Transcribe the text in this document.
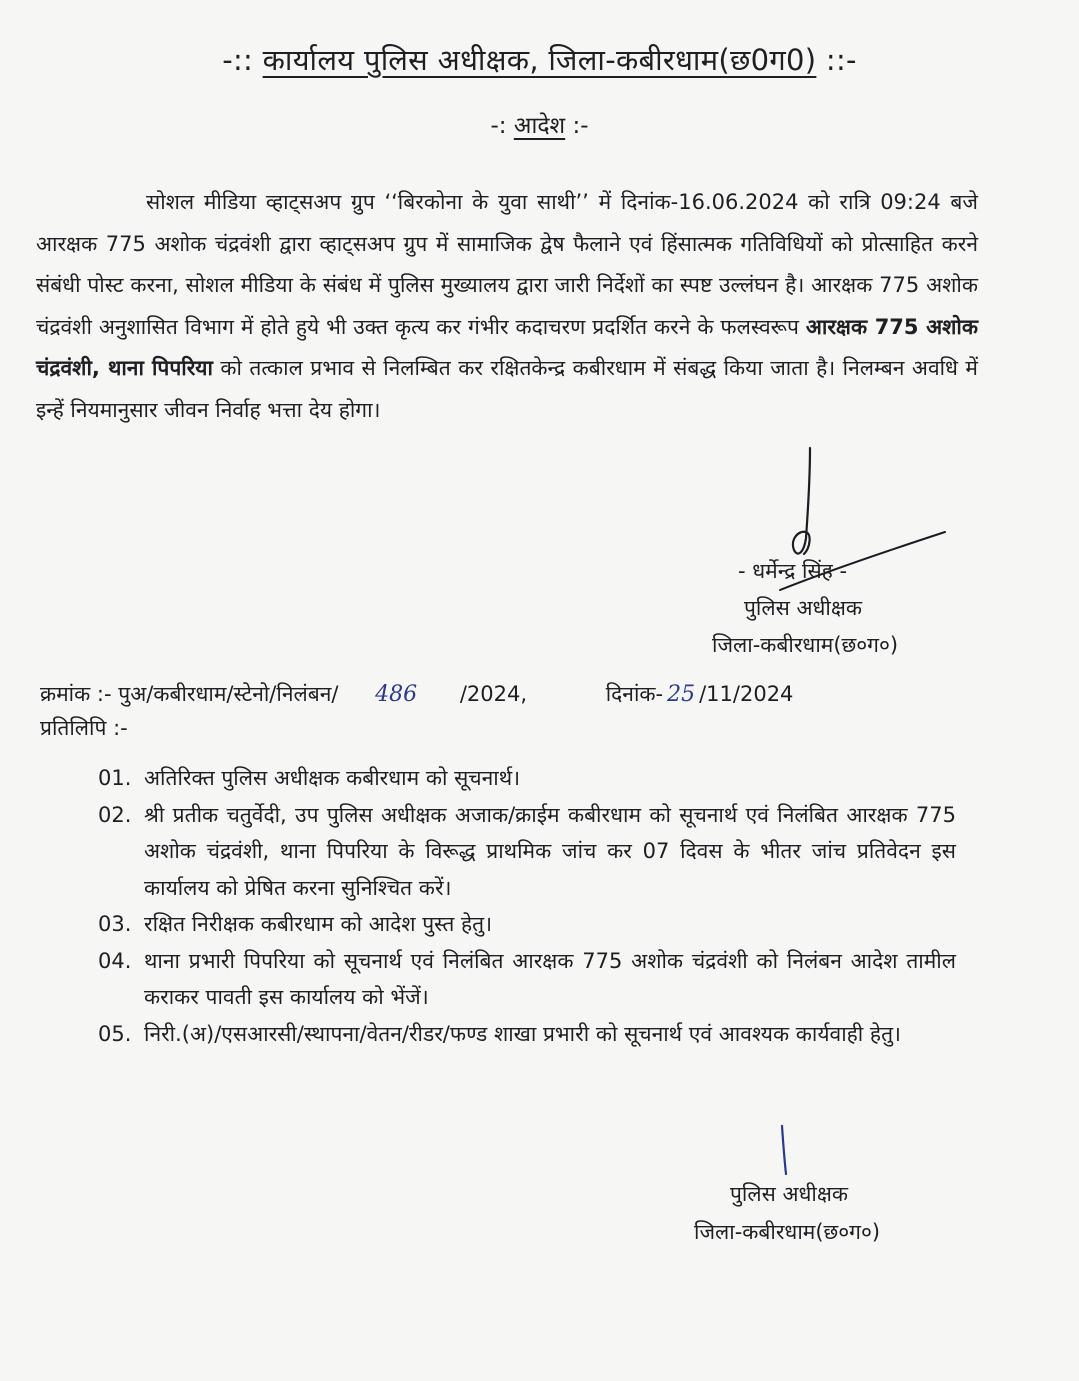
-:: कार्यालय पुलिस अधीक्षक, जिला-कबीरधाम(छ0ग0) ::-
-: आदेश :-
सोशल मीडिया व्हाट्सअप ग्रुप ‘‘बिरकोना के युवा साथी’’ में दिनांक-16.06.2024 को रात्रि 09:24 बजे आरक्षक 775 अशोक चंद्रवंशी द्वारा व्हाट्सअप ग्रुप में सामाजिक द्वेष फैलाने एवं हिंसात्मक गतिविधियों को प्रोत्साहित करने संबंधी पोस्ट करना, सोशल मीडिया के संबंध में पुलिस मुख्यालय द्वारा जारी निर्देशों का स्पष्ट उल्लंघन है। आरक्षक 775 अशोक चंद्रवंशी अनुशासित विभाग में होते हुये भी उक्त कृत्य कर गंभीर कदाचरण प्रदर्शित करने के फलस्वरूप आरक्षक 775 अशोक चंद्रवंशी, थाना पिपरिया को तत्काल प्रभाव से निलम्बित कर रक्षितकेन्द्र कबीरधाम में संबद्ध किया जाता है। निलम्बन अवधि में इन्हें नियमानुसार जीवन निर्वाह भत्ता देय होगा।
- धर्मेन्द्र सिंह -
पुलिस अधीक्षक
जिला-कबीरधाम(छ०ग०)
क्रमांक :- पुअ/कबीरधाम/स्टेनो/निलंबन/ 486 /2024,	दिनांक- 25 /11/2024
प्रतिलिपि :-
01. अतिरिक्त पुलिस अधीक्षक कबीरधाम को सूचनार्थ।
02. श्री प्रतीक चतुर्वेदी, उप पुलिस अधीक्षक अजाक/क्राईम कबीरधाम को सूचनार्थ एवं निलंबित आरक्षक 775 अशोक चंद्रवंशी, थाना पिपरिया के विरूद्ध प्राथमिक जांच कर 07 दिवस के भीतर जांच प्रतिवेदन इस कार्यालय को प्रेषित करना सुनिश्चित करें।
03. रक्षित निरीक्षक कबीरधाम को आदेश पुस्त हेतु।
04. थाना प्रभारी पिपरिया को सूचनार्थ एवं निलंबित आरक्षक 775 अशोक चंद्रवंशी को निलंबन आदेश तामील कराकर पावती इस कार्यालय को भेंजें।
05. निरी.(अ)/एसआरसी/स्थापना/वेतन/रीडर/फण्ड शाखा प्रभारी को सूचनार्थ एवं आवश्यक कार्यवाही हेतु।
पुलिस अधीक्षक
जिला-कबीरधाम(छ०ग०)
